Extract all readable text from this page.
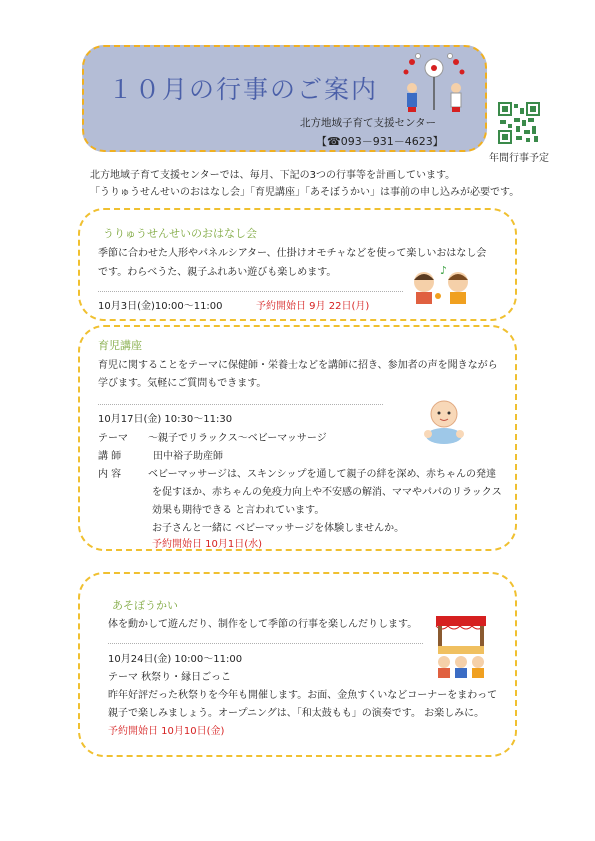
１０月の行事のご案内
北方地域子育て支援センター
【☎093－931－4623】
年間行事予定
北方地域子育て支援センターでは、毎月、下記の3つの行事等を計画しています。
「うりゅうせんせいのおはなし会」「育児講座」「あそぼうかい」は事前の申し込みが必要です。
うりゅうせんせいのおはなし会
季節に合わせた人形やパネルシアター、仕掛けオモチャなどを使って楽しいおはなし会
です。わらべうた、親子ふれあい遊びも楽しめます。
10月3日(金)10:00～11:00	予約開始日 9月 22日(月)
♪
育児講座
育児に関することをテーマに保健師・栄養士などを講師に招き、参加者の声を聞きながら
学びます。気軽にご質問もできます。
10月17日(金) 10:30～11:30
テーマ ～親子でリラックス～ベビーマッサージ
講 師	田中裕子助産師
内 容	ベビーマッサージは、スキンシップを通して親子の絆を深め、赤ちゃんの発達
を促すほか、赤ちゃんの免疫力向上や不安感の解消、ママやパパのリラックス
効果も期待できる と言われています。
お子さんと一緒に ベビーマッサージを体験しませんか。
予約開始日 10月1日(水)
あそぼうかい
体を動かして遊んだり、制作をして季節の行事を楽しんだりします。
10月24日(金) 10:00～11:00
テーマ 秋祭り・縁日ごっこ
昨年好評だった秋祭りを今年も開催します。お面、金魚すくいなどコーナーをまわって
親子で楽しみましょう。オープニングは、「和太鼓もも」の演奏です。 お楽しみに。
予約開始日 10月10日(金)
